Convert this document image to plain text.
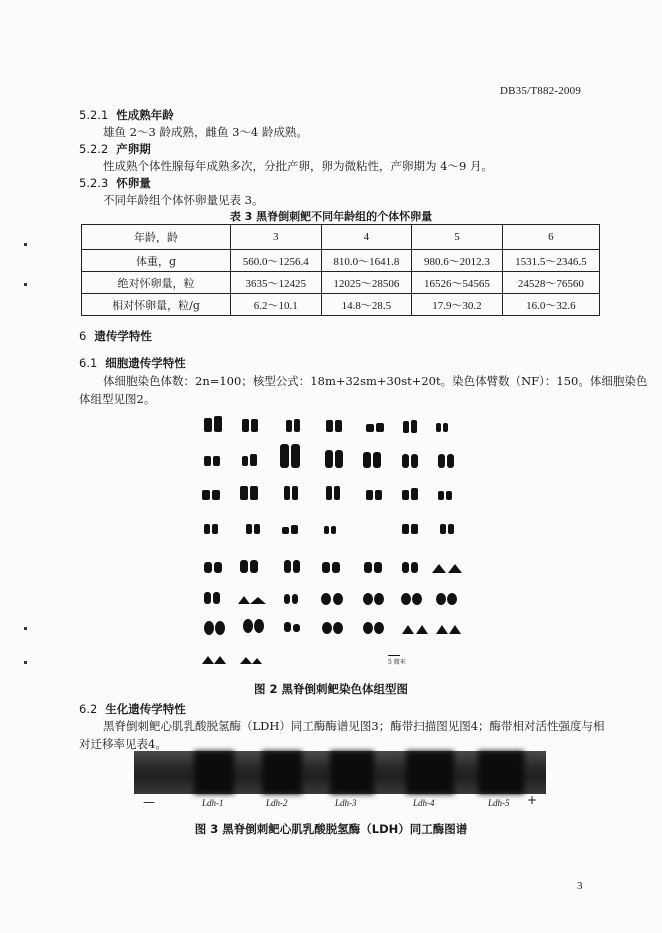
DB35/T882-2009
5.2.1 性成熟年龄
雄鱼 2～3 龄成熟，雌鱼 3～4 龄成熟。
5.2.2 产卵期
性成熟个体性腺每年成熟多次，分批产卵，卵为微粘性，产卵期为 4～9 月。
5.2.3 怀卵量
不同年龄组个体怀卵量见表 3。
表 3 黑脊倒刺鲃不同年龄组的个体怀卵量
年龄，龄	3	4	5	6
体重，g	560.0～1256.4	810.0～1641.8	980.6～2012.3	1531.5～2346.5
绝对怀卵量，粒	3635～12425	12025～28506	16526～54565	24528～76560
相对怀卵量，粒/g	6.2～10.1	14.8～28.5	17.9～30.2	16.0～32.6
6 遗传学特性
6.1 细胞遗传学特性
体细胞染色体数：2n=100；核型公式：18m+32sm+30st+20t。染色体臂数（NF）：150。体细胞染色
体组型见图2。
5 微米
图 2 黑脊倒刺鲃染色体组型图
6.2 生化遗传学特性
黑脊倒刺鲃心肌乳酸脱氢酶（LDH）同工酶酶谱见图3；酶带扫描图见图4；酶带相对活性强度与相
对迁移率见表4。
—	Ldh-1	Ldh-2	Ldh-3	Ldh-4	Ldh-5 +
图 3 黑脊倒刺鲃心肌乳酸脱氢酶（LDH）同工酶图谱
3
